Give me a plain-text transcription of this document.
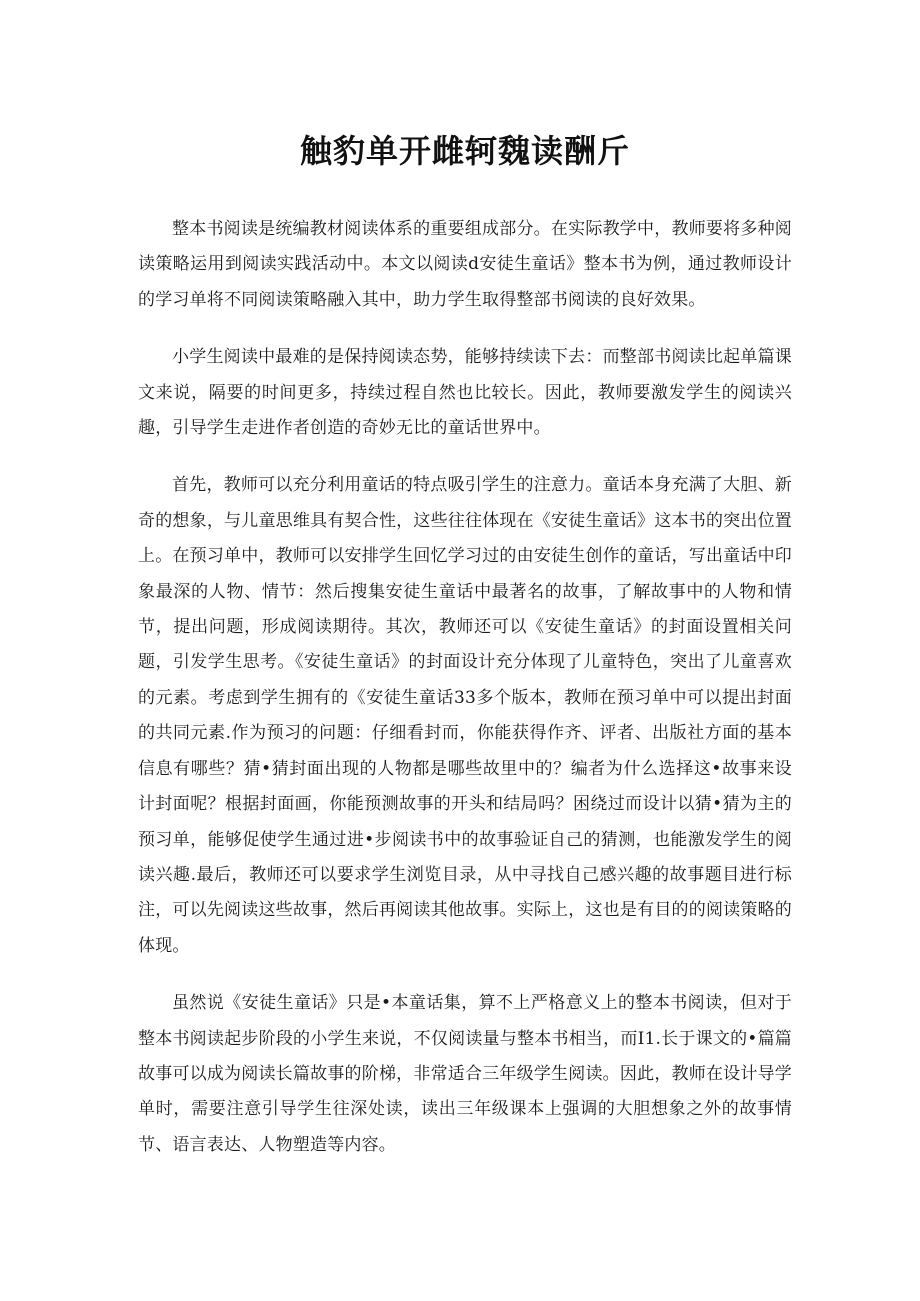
触豹单开雌轲魏读酬斤

整本书阅读是统编教材阅读体系的重要组成部分。在实际教学中，教师要将多种阅读策略运用到阅读实践活动中。本文以阅读d安徒生童话》整本书为例，通过教师设计的学习单将不同阅读策略融入其中，助力学生取得整部书阅读的良好效果。

小学生阅读中最难的是保持阅读态势，能够持续读下去：而整部书阅读比起单篇课文来说，隔要的时间更多，持续过程自然也比较长。因此，教师要激发学生的阅读兴趣，引导学生走进作者创造的奇妙无比的童话世界中。

首先，教师可以充分利用童话的特点吸引学生的注意力。童话本身充满了大胆、新奇的想象，与儿童思维具有契合性，这些往往体现在《安徒生童话》这本书的突出位置上。在预习单中，教师可以安排学生回忆学习过的由安徒生创作的童话，写出童话中印象最深的人物、情节：然后搜集安徒生童话中最著名的故事，了解故事中的人物和情节，提出问题，形成阅读期待。其次，教师还可以《安徒生童话》的封面设置相关问题，引发学生思考。《安徒生童话》的封面设计充分体现了儿童特色，突出了儿童喜欢的元素。考虑到学生拥有的《安徒生童话33多个版本，教师在预习单中可以提出封面的共同元素.作为预习的问题：仔细看封而，你能获得作齐、评者、出版社方面的基本信息有哪些？猜•猜封面出现的人物都是哪些故里中的？编者为什么选择这•故事来设计封面呢？根据封面画，你能预测故事的开头和结局吗？困绕过而设计以猜•猜为主的预习单，能够促使学生通过进•步阅读书中的故事验证自己的猜测，也能激发学生的阅读兴趣.最后，教师还可以要求学生浏览目录，从中寻找自己感兴趣的故事题目进行标注，可以先阅读这些故事，然后再阅读其他故事。实际上，这也是有目的的阅读策略的体现。

虽然说《安徒生童话》只是•本童话集，算不上严格意义上的整本书阅读，但对于整本书阅读起步阶段的小学生来说，不仅阅读量与整本书相当，而I1.长于课文的•篇篇故事可以成为阅读长篇故事的阶梯，非常适合三年级学生阅读。因此，教师在设计导学单时，需要注意引导学生往深处读，读出三年级课本上强调的大胆想象之外的故事情节、语言表达、人物塑造等内容。
